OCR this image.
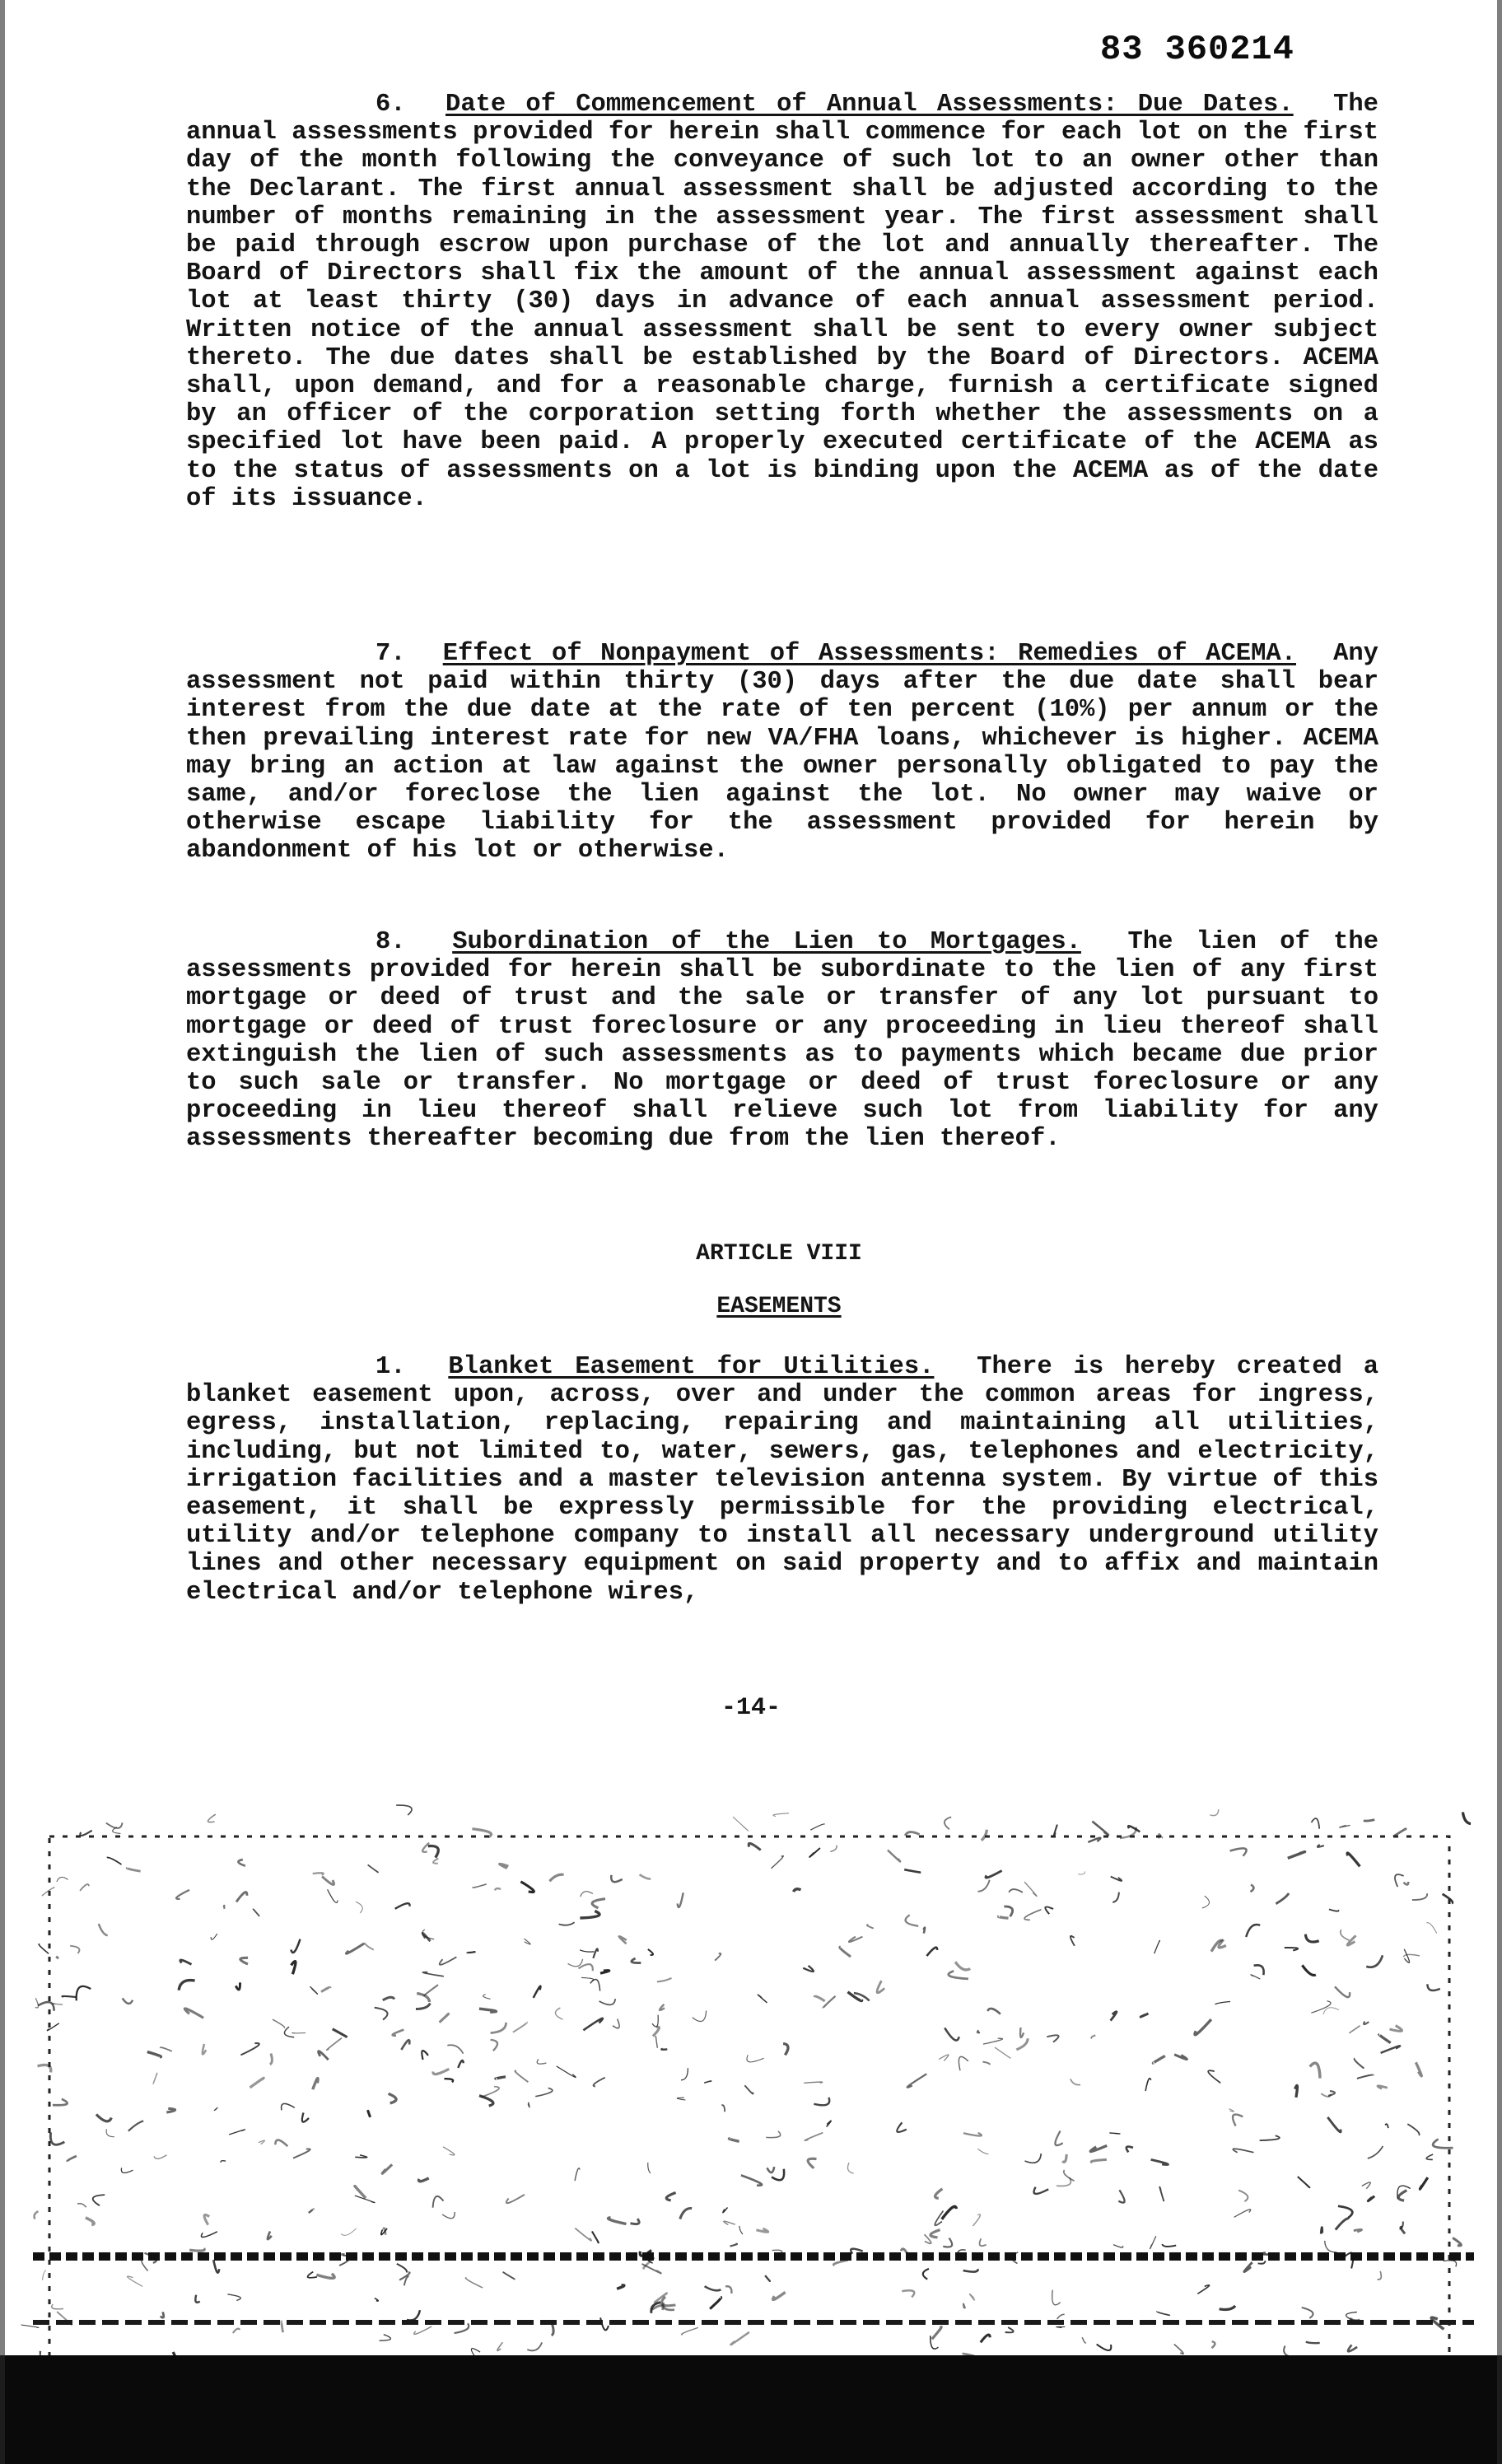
83 360214
6. Date of Commencement of Annual Assessments: Due Dates. The annual assessments provided for herein shall commence for each lot on the first day of the month following the conveyance of such lot to an owner other than the Declarant. The first annual assessment shall be adjusted according to the number of months remaining in the assessment year. The first assessment shall be paid through escrow upon purchase of the lot and annually thereafter. The Board of Directors shall fix the amount of the annual assessment against each lot at least thirty (30) days in advance of each annual assessment period. Written notice of the annual assessment shall be sent to every owner subject thereto. The due dates shall be established by the Board of Directors. ACEMA shall, upon demand, and for a reasonable charge, furnish a certificate signed by an officer of the corporation setting forth whether the assessments on a specified lot have been paid. A properly executed certificate of the ACEMA as to the status of assessments on a lot is binding upon the ACEMA as of the date of its issuance.
7. Effect of Nonpayment of Assessments: Remedies of ACEMA. Any assessment not paid within thirty (30) days after the due date shall bear interest from the due date at the rate of ten percent (10%) per annum or the then prevailing interest rate for new VA/FHA loans, whichever is higher. ACEMA may bring an action at law against the owner personally obligated to pay the same, and/or foreclose the lien against the lot. No owner may waive or otherwise escape liability for the assessment provided for herein by abandonment of his lot or otherwise.
8. Subordination of the Lien to Mortgages. The lien of the assessments provided for herein shall be subordinate to the lien of any first mortgage or deed of trust and the sale or transfer of any lot pursuant to mortgage or deed of trust foreclosure or any proceeding in lieu thereof shall extinguish the lien of such assessments as to payments which became due prior to such sale or transfer. No mortgage or deed of trust foreclosure or any proceeding in lieu thereof shall relieve such lot from liability for any assessments thereafter becoming due from the lien thereof.
ARTICLE VIII
EASEMENTS
1. Blanket Easement for Utilities. There is hereby created a blanket easement upon, across, over and under the common areas for ingress, egress, installation, replacing, repairing and maintaining all utilities, including, but not limited to, water, sewers, gas, telephones and electricity, irrigation facilities and a master television antenna system. By virtue of this easement, it shall be expressly permissible for the providing electrical, utility and/or telephone company to install all necessary underground utility lines and other necessary equipment on said property and to affix and maintain electrical and/or telephone wires,
-14-
